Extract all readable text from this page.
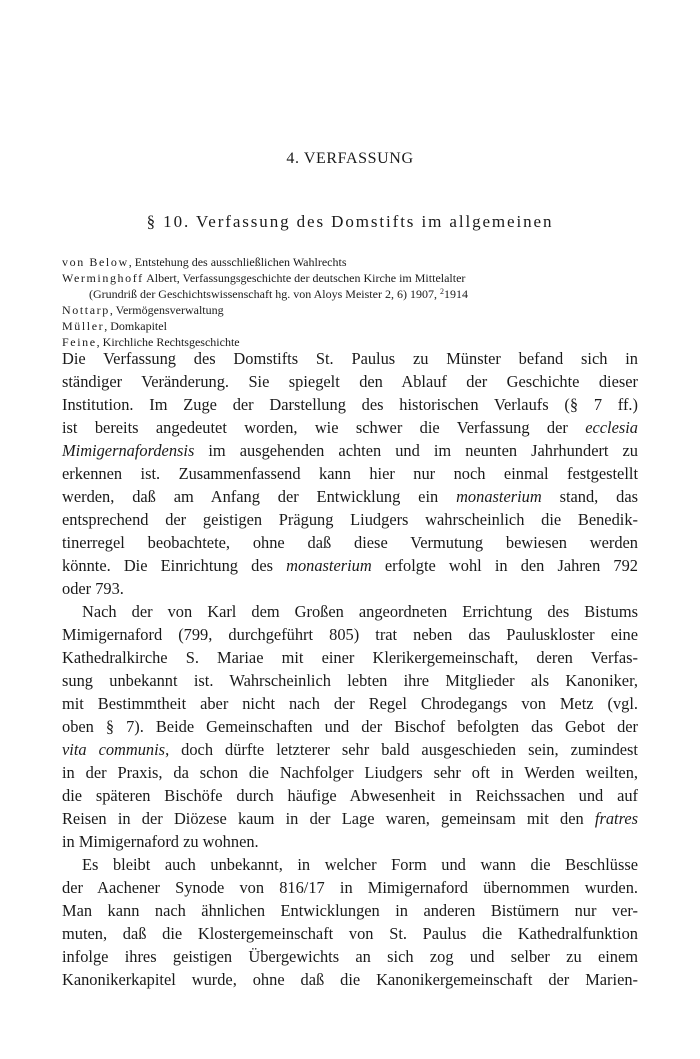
4. VERFASSUNG
§ 10. Verfassung des Domstifts im allgemeinen
von Below, Entstehung des ausschließlichen Wahlrechts
Werminghoff Albert, Verfassungsgeschichte der deutschen Kirche im Mittelalter
(Grundriß der Geschichtswissenschaft hg. von Aloys Meister 2, 6) 1907, $^2$1914
Nottarp, Vermögensverwaltung
Müller, Domkapitel
Feine, Kirchliche Rechtsgeschichte
Die Verfassung des Domstifts St. Paulus zu Münster befand sich in
ständiger Veränderung. Sie spiegelt den Ablauf der Geschichte dieser
Institution. Im Zuge der Darstellung des historischen Verlaufs (§ 7 ff.)
ist bereits angedeutet worden, wie schwer die Verfassung der ecclesia
Mimigernafordensis im ausgehenden achten und im neunten Jahrhundert zu
erkennen ist. Zusammenfassend kann hier nur noch einmal festgestellt
werden, daß am Anfang der Entwicklung ein monasterium stand, das
entsprechend der geistigen Prägung Liudgers wahrscheinlich die Benedik-
tinerregel beobachtete, ohne daß diese Vermutung bewiesen werden
könnte. Die Einrichtung des monasterium erfolgte wohl in den Jahren 792
oder 793.
Nach der von Karl dem Großen angeordneten Errichtung des Bistums
Mimigernaford (799, durchgeführt 805) trat neben das Pauluskloster eine
Kathedralkirche S. Mariae mit einer Klerikergemeinschaft, deren Verfas-
sung unbekannt ist. Wahrscheinlich lebten ihre Mitglieder als Kanoniker,
mit Bestimmtheit aber nicht nach der Regel Chrodegangs von Metz (vgl.
oben § 7). Beide Gemeinschaften und der Bischof befolgten das Gebot der
vita communis, doch dürfte letzterer sehr bald ausgeschieden sein, zumindest
in der Praxis, da schon die Nachfolger Liudgers sehr oft in Werden weilten,
die späteren Bischöfe durch häufige Abwesenheit in Reichssachen und auf
Reisen in der Diözese kaum in der Lage waren, gemeinsam mit den fratres
in Mimigernaford zu wohnen.
Es bleibt auch unbekannt, in welcher Form und wann die Beschlüsse
der Aachener Synode von 816/17 in Mimigernaford übernommen wurden.
Man kann nach ähnlichen Entwicklungen in anderen Bistümern nur ver-
muten, daß die Klostergemeinschaft von St. Paulus die Kathedralfunktion
infolge ihres geistigen Übergewichts an sich zog und selber zu einem
Kanonikerkapitel wurde, ohne daß die Kanonikergemeinschaft der Marien-
